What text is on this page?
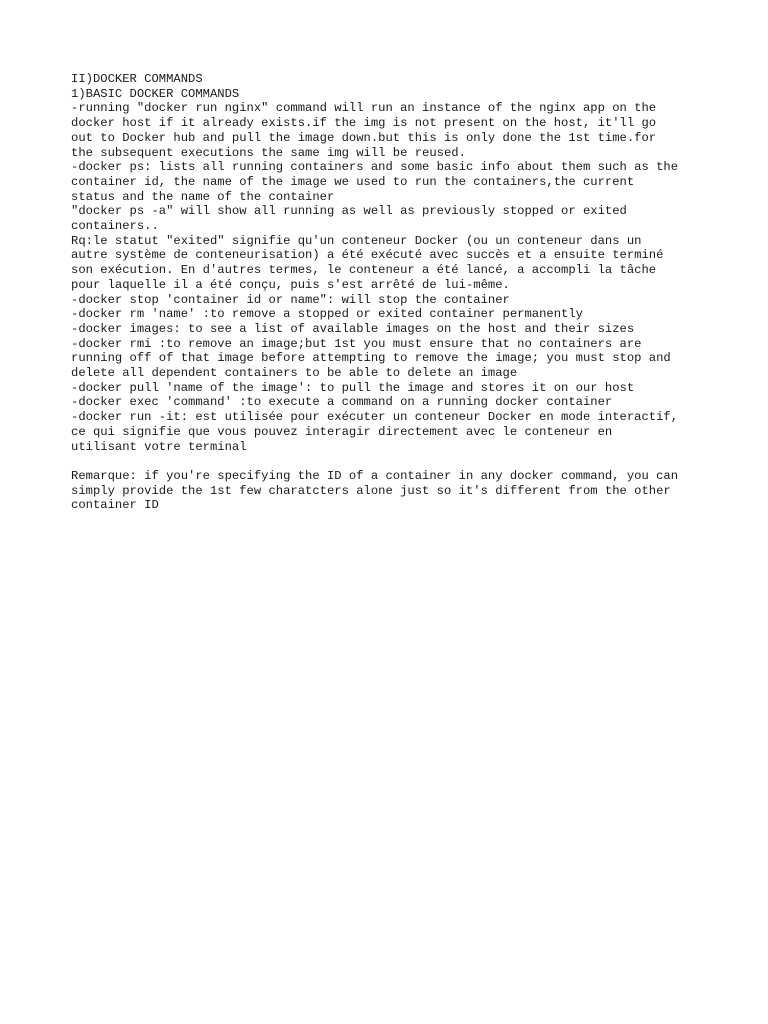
II)DOCKER COMMANDS

1)BASIC DOCKER COMMANDS

-running "docker run nginx" command will run an instance of the nginx app on the

docker host if it already exists.if the img is not present on the host, it'll go

out to Docker hub and pull the image down.but this is only done the 1st time.for

the subsequent executions the same img will be reused.

-docker ps: lists all running containers and some basic info about them such as the

container id, the name of the image we used to run the containers,the current

status and the name of the container

"docker ps -a" will show all running as well as previously stopped or exited

containers..

Rq:le statut "exited" signifie qu'un conteneur Docker (ou un conteneur dans un

autre système de conteneurisation) a été exécuté avec succès et a ensuite terminé

son exécution. En d'autres termes, le conteneur a été lancé, a accompli la tâche

pour laquelle il a été conçu, puis s'est arrêté de lui-même.

-docker stop 'container id or name": will stop the container

-docker rm 'name' :to remove a stopped or exited container permanently

-docker images: to see a list of available images on the host and their sizes

-docker rmi :to remove an image;but 1st you must ensure that no containers are

running off of that image before attempting to remove the image; you must stop and

delete all dependent containers to be able to delete an image

-docker pull 'name of the image': to pull the image and stores it on our host

-docker exec 'command' :to execute a command on a running docker container

-docker run -it: est utilisée pour exécuter un conteneur Docker en mode interactif,

ce qui signifie que vous pouvez interagir directement avec le conteneur en

utilisant votre terminal

Remarque: if you're specifying the ID of a container in any docker command, you can

simply provide the 1st few charatcters alone just so it's different from the other

container ID
